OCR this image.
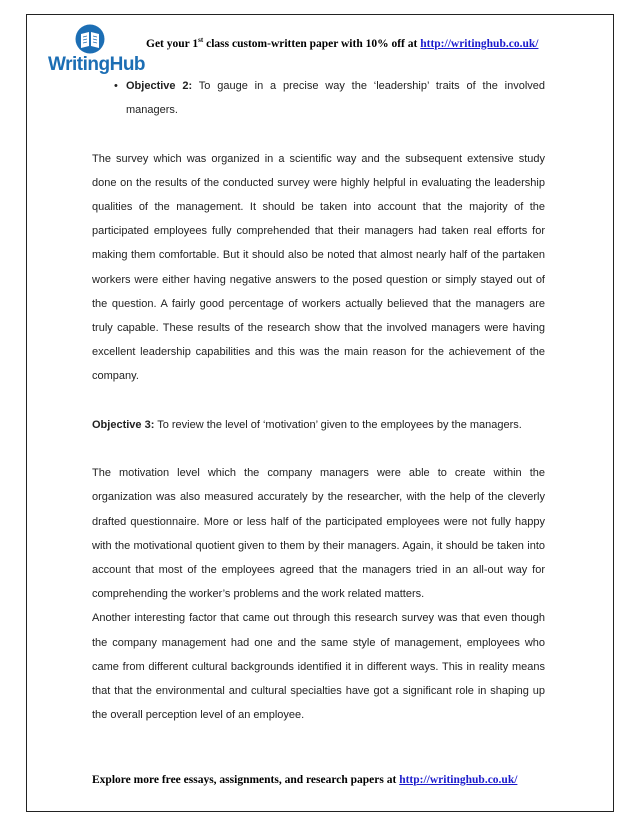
WritingHub
Get your 1st class custom-written paper with 10% off at http://writinghub.co.uk/

• Objective 2: To gauge in a precise way the ‘leadership’ traits of the involved managers.

The survey which was organized in a scientific way and the subsequent extensive study done on the results of the conducted survey were highly helpful in evaluating the leadership qualities of the management. It should be taken into account that the majority of the participated employees fully comprehended that their managers had taken real efforts for making them comfortable. But it should also be noted that almost nearly half of the partaken workers were either having negative answers to the posed question or simply stayed out of the question. A fairly good percentage of workers actually believed that the managers are truly capable. These results of the research show that the involved managers were having excellent leadership capabilities and this was the main reason for the achievement of the company.

Objective 3: To review the level of ‘motivation’ given to the employees by the managers.

The motivation level which the company managers were able to create within the organization was also measured accurately by the researcher, with the help of the cleverly drafted questionnaire. More or less half of the participated employees were not fully happy with the motivational quotient given to them by their managers. Again, it should be taken into account that most of the employees agreed that the managers tried in an all-out way for comprehending the worker’s problems and the work related matters.

Another interesting factor that came out through this research survey was that even though the company management had one and the same style of management, employees who came from different cultural backgrounds identified it in different ways. This in reality means that that the environmental and cultural specialties have got a significant role in shaping up the overall perception level of an employee.

Explore more free essays, assignments, and research papers at http://writinghub.co.uk/
